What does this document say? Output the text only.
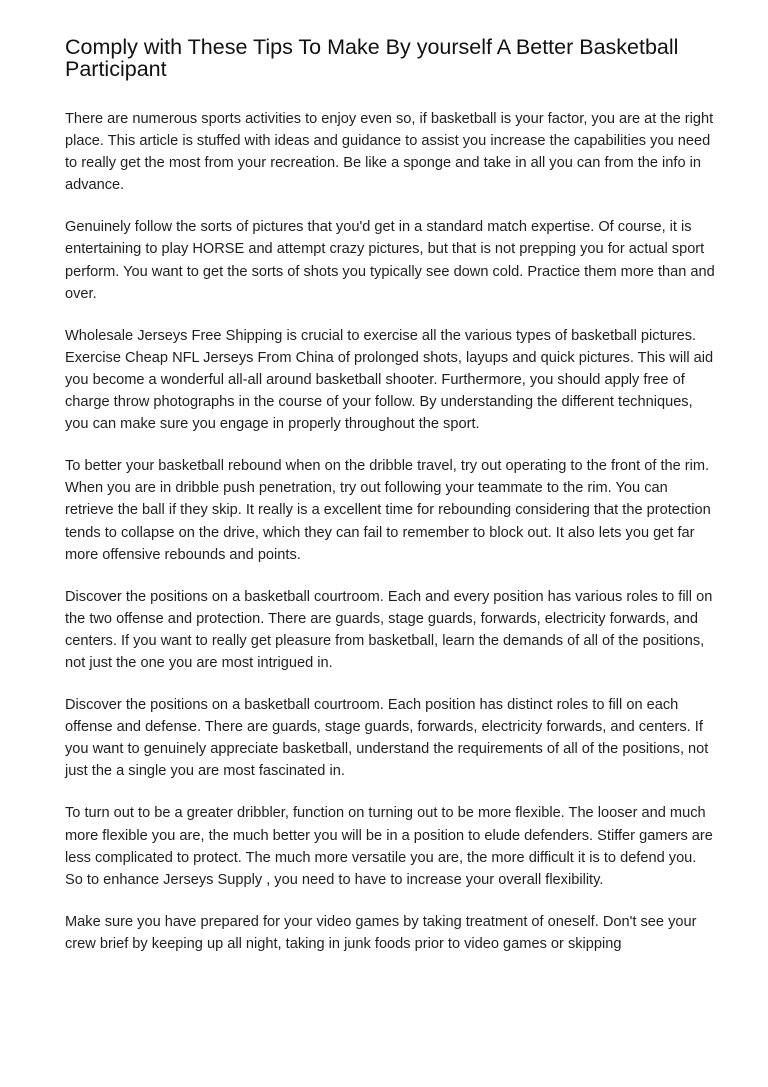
Comply with These Tips To Make By yourself A Better Basketball Participant

There are numerous sports activities to enjoy even so, if basketball is your factor, you are at the right place. This article is stuffed with ideas and guidance to assist you increase the capabilities you need to really get the most from your recreation. Be like a sponge and take in all you can from the info in advance.

Genuinely follow the sorts of pictures that you'd get in a standard match expertise. Of course, it is entertaining to play HORSE and attempt crazy pictures, but that is not prepping you for actual sport perform. You want to get the sorts of shots you typically see down cold. Practice them more than and over.

Wholesale Jerseys Free Shipping is crucial to exercise all the various types of basketball pictures. Exercise Cheap NFL Jerseys From China of prolonged shots, layups and quick pictures. This will aid you become a wonderful all-all around basketball shooter. Furthermore, you should apply free of charge throw photographs in the course of your follow. By understanding the different techniques, you can make sure you engage in properly throughout the sport.

To better your basketball rebound when on the dribble travel, try out operating to the front of the rim. When you are in dribble push penetration, try out following your teammate to the rim. You can retrieve the ball if they skip. It really is a excellent time for rebounding considering that the protection tends to collapse on the drive, which they can fail to remember to block out. It also lets you get far more offensive rebounds and points.

Discover the positions on a basketball courtroom. Each and every position has various roles to fill on the two offense and protection. There are guards, stage guards, forwards, electricity forwards, and centers. If you want to really get pleasure from basketball, learn the demands of all of the positions, not just the one you are most intrigued in.

Discover the positions on a basketball courtroom. Each position has distinct roles to fill on each offense and defense. There are guards, stage guards, forwards, electricity forwards, and centers. If you want to genuinely appreciate basketball, understand the requirements of all of the positions, not just the a single you are most fascinated in.

To turn out to be a greater dribbler, function on turning out to be more flexible. The looser and much more flexible you are, the much better you will be in a position to elude defenders. Stiffer gamers are less complicated to protect. The much more versatile you are, the more difficult it is to defend you. So to enhance Jerseys Supply , you need to have to increase your overall flexibility.

Make sure you have prepared for your video games by taking treatment of oneself. Don't see your crew brief by keeping up all night, taking in junk foods prior to video games or skipping
